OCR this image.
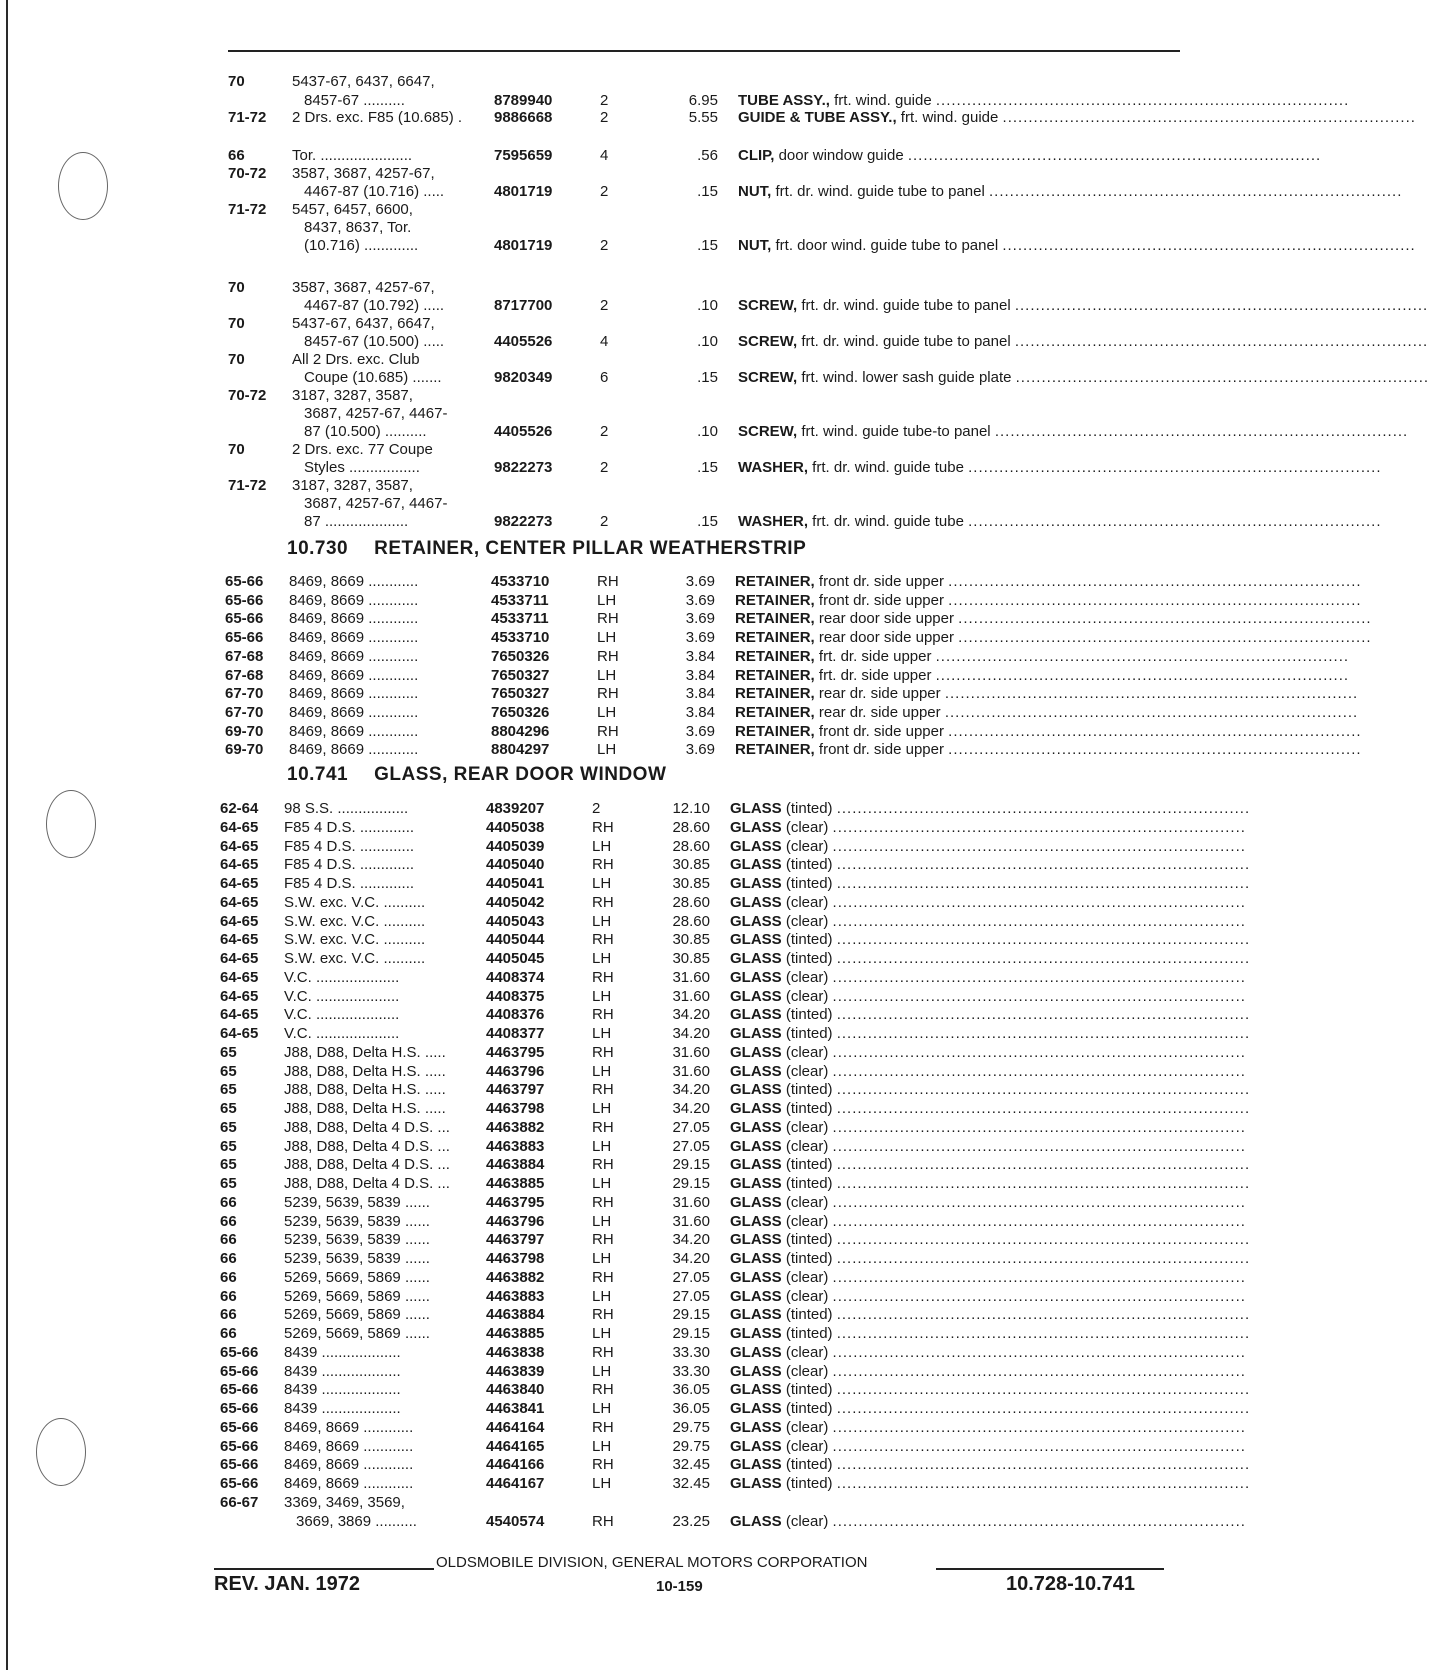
70	5437-67, 6437, 6647,
8457-67 ..........	8789940	2	6.95 TUBE ASSY., frt. wind. guide ................................................................................
71-72 2 Drs. exc. F85 (10.685) .	9886668	2	5.55 GUIDE & TUBE ASSY., frt. wind. guide ................................................................................
66	Tor. ......................	7595659	4	.56 CLIP, door window guide ................................................................................
70-72 3587, 3687, 4257-67,
4467-87 (10.716) .....	4801719	2	.15 NUT, frt. dr. wind. guide tube to panel ................................................................................
71-72 5457, 6457, 6600,
8437, 8637, Tor.
(10.716) .............	4801719	2	.15 NUT, frt. door wind. guide tube to panel ................................................................................
70	3587, 3687, 4257-67,
4467-87 (10.792) .....	8717700	2	.10 SCREW, frt. dr. wind. guide tube to panel ................................................................................
70	5437-67, 6437, 6647,
8457-67 (10.500) .....	4405526	4	.10 SCREW, frt. dr. wind. guide tube to panel ................................................................................
70	All 2 Drs. exc. Club
Coupe (10.685) .......	9820349	6	.15 SCREW, frt. wind. lower sash guide plate ................................................................................
70-72 3187, 3287, 3587,
3687, 4257-67, 4467-
87 (10.500) ..........	4405526	2	.10 SCREW, frt. wind. guide tube-to panel ................................................................................
70	2 Drs. exc. 77 Coupe
Styles .................	9822273	2	.15 WASHER, frt. dr. wind. guide tube ................................................................................
71-72 3187, 3287, 3587,
3687, 4257-67, 4467-
87 ....................	9822273	2	.15 WASHER, frt. dr. wind. guide tube ................................................................................
65-66 8469, 8669 ............	4533710	RH	3.69 RETAINER, front dr. side upper ................................................................................
65-66 8469, 8669 ............	4533711	LH	3.69 RETAINER, front dr. side upper ................................................................................
65-66 8469, 8669 ............	4533711	RH	3.69 RETAINER, rear door side upper ................................................................................
65-66 8469, 8669 ............	4533710	LH	3.69 RETAINER, rear door side upper ................................................................................
67-68 8469, 8669 ............	7650326	RH	3.84 RETAINER, frt. dr. side upper ................................................................................
67-68 8469, 8669 ............	7650327	LH	3.84 RETAINER, frt. dr. side upper ................................................................................
67-70 8469, 8669 ............	7650327	RH	3.84 RETAINER, rear dr. side upper ................................................................................
67-70 8469, 8669 ............	7650326	LH	3.84 RETAINER, rear dr. side upper ................................................................................
69-70 8469, 8669 ............	8804296	RH	3.69 RETAINER, front dr. side upper ................................................................................
69-70 8469, 8669 ............	8804297	LH	3.69 RETAINER, front dr. side upper ................................................................................
62-64 98 S.S. .................	4839207	2	12.10 GLASS (tinted) ................................................................................
64-65 F85 4 D.S. .............	4405038	RH	28.60 GLASS (clear) ................................................................................
64-65 F85 4 D.S. .............	4405039	LH	28.60 GLASS (clear) ................................................................................
64-65 F85 4 D.S. .............	4405040	RH	30.85 GLASS (tinted) ................................................................................
64-65 F85 4 D.S. .............	4405041	LH	30.85 GLASS (tinted) ................................................................................
64-65 S.W. exc. V.C. ..........	4405042	RH	28.60 GLASS (clear) ................................................................................
64-65 S.W. exc. V.C. ..........	4405043	LH	28.60 GLASS (clear) ................................................................................
64-65 S.W. exc. V.C. ..........	4405044	RH	30.85 GLASS (tinted) ................................................................................
64-65 S.W. exc. V.C. ..........	4405045	LH	30.85 GLASS (tinted) ................................................................................
64-65 V.C. ....................	4408374	RH	31.60 GLASS (clear) ................................................................................
64-65 V.C. ....................	4408375	LH	31.60 GLASS (clear) ................................................................................
64-65 V.C. ....................	4408376	RH	34.20 GLASS (tinted) ................................................................................
64-65 V.C. ....................	4408377	LH	34.20 GLASS (tinted) ................................................................................
65	J88, D88, Delta H.S. .....	4463795	RH	31.60 GLASS (clear) ................................................................................
65	J88, D88, Delta H.S. .....	4463796	LH	31.60 GLASS (clear) ................................................................................
65	J88, D88, Delta H.S. .....	4463797	RH	34.20 GLASS (tinted) ................................................................................
65	J88, D88, Delta H.S. .....	4463798	LH	34.20 GLASS (tinted) ................................................................................
65	J88, D88, Delta 4 D.S. ...	4463882	RH	27.05 GLASS (clear) ................................................................................
65	J88, D88, Delta 4 D.S. ...	4463883	LH	27.05 GLASS (clear) ................................................................................
65	J88, D88, Delta 4 D.S. ...	4463884	RH	29.15 GLASS (tinted) ................................................................................
65	J88, D88, Delta 4 D.S. ...	4463885	LH	29.15 GLASS (tinted) ................................................................................
66	5239, 5639, 5839 ......	4463795	RH	31.60 GLASS (clear) ................................................................................
66	5239, 5639, 5839 ......	4463796	LH	31.60 GLASS (clear) ................................................................................
66	5239, 5639, 5839 ......	4463797	RH	34.20 GLASS (tinted) ................................................................................
66	5239, 5639, 5839 ......	4463798	LH	34.20 GLASS (tinted) ................................................................................
66	5269, 5669, 5869 ......	4463882	RH	27.05 GLASS (clear) ................................................................................
66	5269, 5669, 5869 ......	4463883	LH	27.05 GLASS (clear) ................................................................................
66	5269, 5669, 5869 ......	4463884	RH	29.15 GLASS (tinted) ................................................................................
66	5269, 5669, 5869 ......	4463885	LH	29.15 GLASS (tinted) ................................................................................
65-66 8439 ...................	4463838	RH	33.30 GLASS (clear) ................................................................................
65-66 8439 ...................	4463839	LH	33.30 GLASS (clear) ................................................................................
65-66 8439 ...................	4463840	RH	36.05 GLASS (tinted) ................................................................................
65-66 8439 ...................	4463841	LH	36.05 GLASS (tinted) ................................................................................
65-66 8469, 8669 ............	4464164	RH	29.75 GLASS (clear) ................................................................................
65-66 8469, 8669 ............	4464165	LH	29.75 GLASS (clear) ................................................................................
65-66 8469, 8669 ............	4464166	RH	32.45 GLASS (tinted) ................................................................................
65-66 8469, 8669 ............	4464167	LH	32.45 GLASS (tinted) ................................................................................
66-67 3369, 3469, 3569,
3669, 3869 ..........	4540574	RH	23.25 GLASS (clear) ................................................................................
10.730 RETAINER, CENTER PILLAR WEATHERSTRIP
10.741 GLASS, REAR DOOR WINDOW
OLDSMOBILE DIVISION, GENERAL MOTORS CORPORATION
REV. JAN. 1972	10-159	10.728-10.741
